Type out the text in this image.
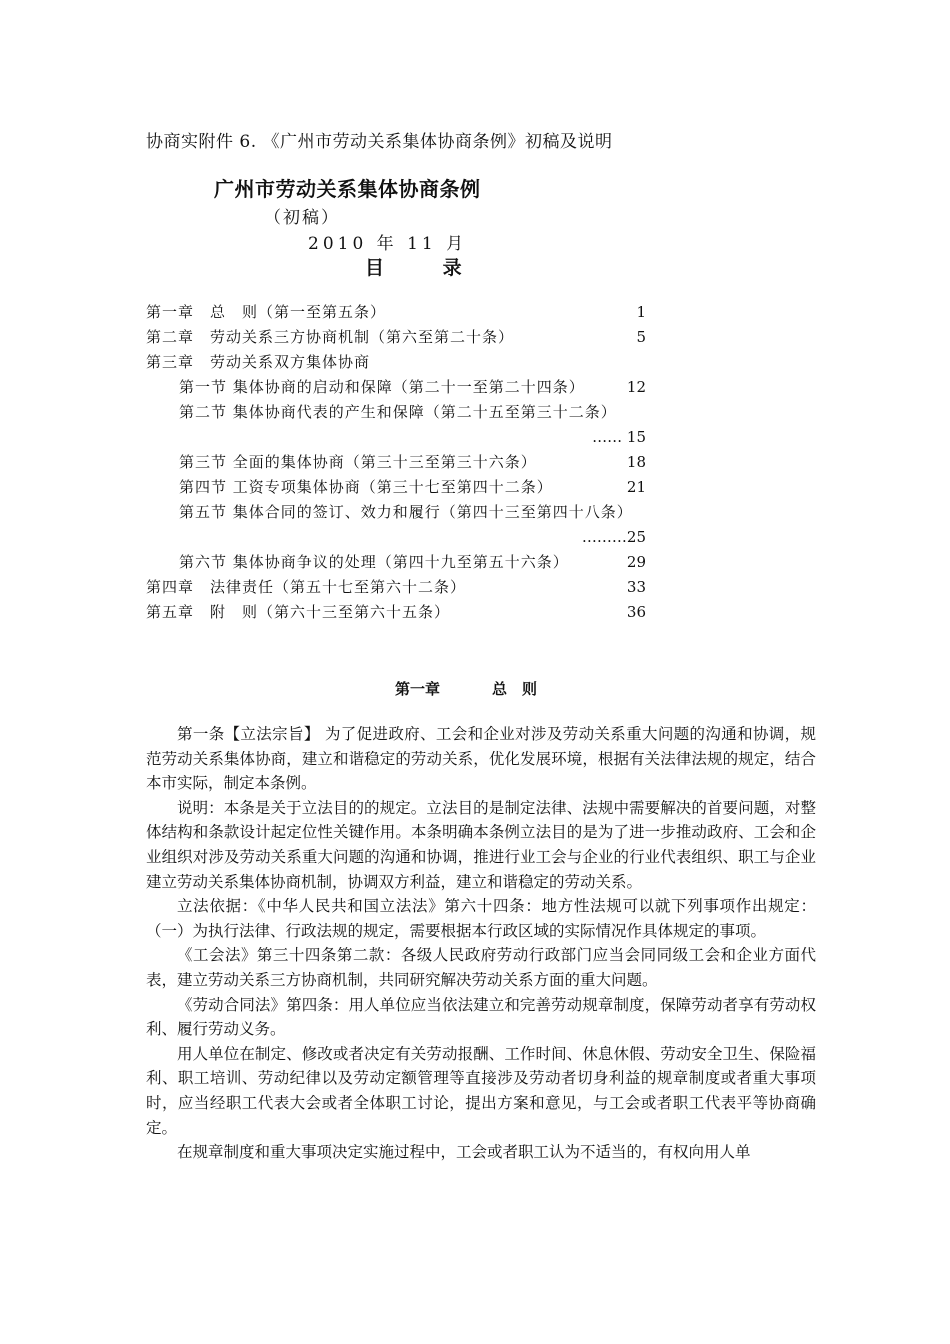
协商实附件 6. 《广州市劳动关系集体协商条例》初稿及说明
广州市劳动关系集体协商条例
（初稿）
2010 年 11 月
目 录
第一章　总　则（第一至第五条）	1
第二章　劳动关系三方协商机制（第六至第二十条）	5
第三章　劳动关系双方集体协商
第一节 集体协商的启动和保障（第二十一至第二十四条）	12
第二节 集体协商代表的产生和保障（第二十五至第三十二条）
…… 15
第三节 全面的集体协商（第三十三至第三十六条）	18
第四节 工资专项集体协商（第三十七至第四十二条）	21
第五节 集体合同的签订、效力和履行（第四十三至第四十八条）
………25
第六节 集体协商争议的处理（第四十九至第五十六条）	29
第四章　法律责任（第五十七至第六十二条）	33
第五章　附　则（第六十三至第六十五条）	36
第一章	总　则

第一条【立法宗旨】 为了促进政府、工会和企业对涉及劳动关系重大问题的沟通和协调，规范劳动关系集体协商，建立和谐稳定的劳动关系，优化发展环境，根据有关法律法规的规定，结合本市实际，制定本条例。

说明：本条是关于立法目的的规定。立法目的是制定法律、法规中需要解决的首要问题，对整体结构和条款设计起定位性关键作用。本条明确本条例立法目的是为了进一步推动政府、工会和企业组织对涉及劳动关系重大问题的沟通和协调，推进行业工会与企业的行业代表组织、职工与企业建立劳动关系集体协商机制，协调双方利益，建立和谐稳定的劳动关系。

立法依据：《中华人民共和国立法法》第六十四条：地方性法规可以就下列事项作出规定：（一）为执行法律、行政法规的规定，需要根据本行政区域的实际情况作具体规定的事项。

《工会法》第三十四条第二款：各级人民政府劳动行政部门应当会同同级工会和企业方面代表，建立劳动关系三方协商机制，共同研究解决劳动关系方面的重大问题。

《劳动合同法》第四条：用人单位应当依法建立和完善劳动规章制度，保障劳动者享有劳动权利、履行劳动义务。

用人单位在制定、修改或者决定有关劳动报酬、工作时间、休息休假、劳动安全卫生、保险福利、职工培训、劳动纪律以及劳动定额管理等直接涉及劳动者切身利益的规章制度或者重大事项时，应当经职工代表大会或者全体职工讨论，提出方案和意见，与工会或者职工代表平等协商确定。

在规章制度和重大事项决定实施过程中，工会或者职工认为不适当的，有权向用人单
